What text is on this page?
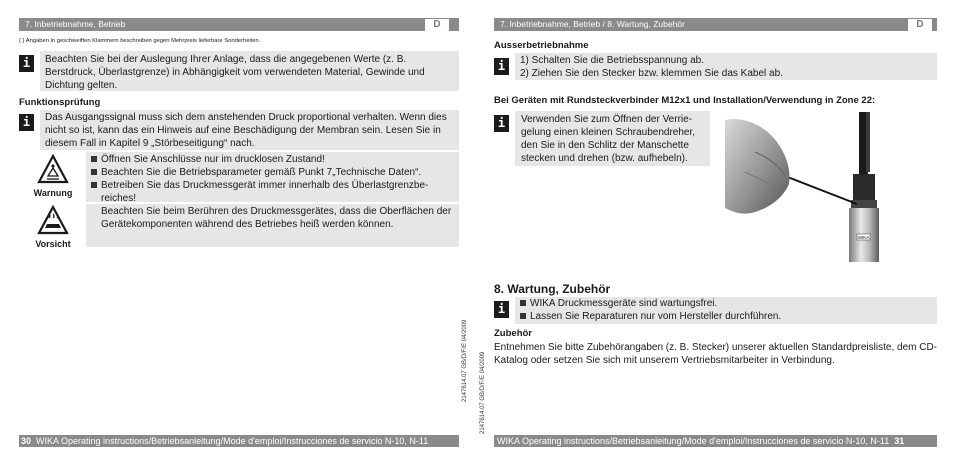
7. Inbetriebnahme, Betrieb	D
{ } Angaben in geschweiften Klammern beschreiben gegen Mehrpreis lieferbare Sonderheiten.
i	Beachten Sie bei der Auslegung Ihrer Anlage, dass die angegebenen Werte (z. B. Berstdruck, Überlastgrenze) in Abhängigkeit vom verwendeten Material, Gewinde und Dichtung gelten.
Funktionsprüfung
i	Das Ausgangssignal muss sich dem anstehenden Druck proportional verhalten. Wenn dies nicht so ist, kann das ein Hinweis auf eine Beschädigung der Membran sein. Lesen Sie in diesem Fall in Kapitel 9 „Störbeseitigung“ nach.
Warnung
Öffnen Sie Anschlüsse nur im drucklosen Zustand!
Beachten Sie die Betriebsparameter gemäß Punkt 7„Technische Daten“.
Betreiben Sie das Druckmessgerät immer innerhalb des Überlastgrenzbe-reiches!
Vorsicht
Beachten Sie beim Berühren des Druckmessgerätes, dass die Oberflächen der Gerätekomponenten während des Betriebes heiß werden können.
30 WIKA Operating instructions/Betriebsanleitung/Mode d'emploi/Instrucciones de servicio N-10, N-11
2147614.07 GB/D/F/E 04/2009
7. Inbetriebnahme, Betrieb / 8. Wartung, Zubehör	D
Ausserbetriebnahme
i	1) Schalten Sie die Betriebsspannung ab.
2) Ziehen Sie den Stecker bzw. klemmen Sie das Kabel ab.
Bei Geräten mit Rundsteckverbinder M12x1 und Installation/Verwendung in Zone 22:
i	Verwenden Sie zum Öffnen der Verrie-gelung einen kleinen Schraubendreher, den Sie in den Schlitz der Manschette stecken und drehen (bzw. aufhebeln).
WIKA
8. Wartung, Zubehör
i	WIKA Druckmessgeräte sind wartungsfrei.
Lassen Sie Reparaturen nur vom Hersteller durchführen.
Zubehör
Entnehmen Sie bitte Zubehörangaben (z. B. Stecker) unserer aktuellen Standardpreisliste, dem CD-Katalog oder setzen Sie sich mit unserem Vertriebsmitarbeiter in Verbindung.
2147614.07 GB/D/F/E 04/2009
WIKA Operating instructions/Betriebsanleitung/Mode d'emploi/Instrucciones de servicio N-10, N-11 31
